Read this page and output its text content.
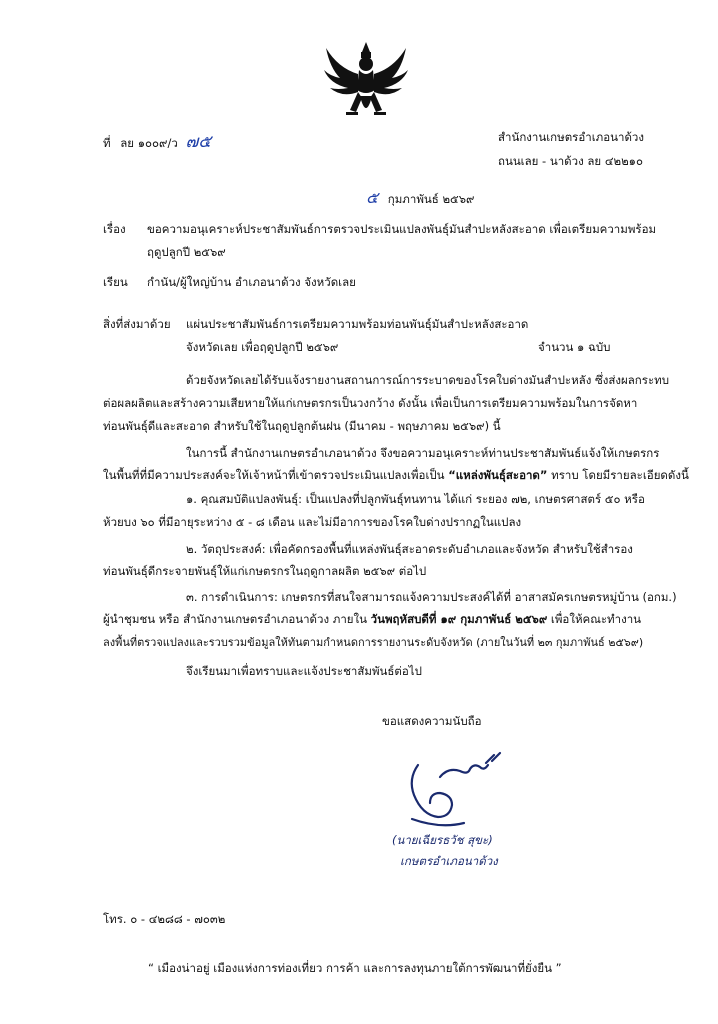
ที่ ลย ๑๐๐๙/ว ๗๕	สำนักงานเกษตรอำเภอนาด้วง
ถนนเลย - นาด้วง ลย ๔๒๒๑๐
๕ กุมภาพันธ์ ๒๕๖๙
เรื่อง ขอความอนุเคราะห์ประชาสัมพันธ์การตรวจประเมินแปลงพันธุ์มันสำปะหลังสะอาด เพื่อเตรียมความพร้อม
ฤดูปลูกปี ๒๕๖๙
เรียน กำนัน/ผู้ใหญ่บ้าน อำเภอนาด้วง จังหวัดเลย
สิ่งที่ส่งมาด้วย แผ่นประชาสัมพันธ์การเตรียมความพร้อมท่อนพันธุ์มันสำปะหลังสะอาด
จังหวัดเลย เพื่อฤดูปลูกปี ๒๕๖๙	จำนวน ๑ ฉบับ
ด้วยจังหวัดเลยได้รับแจ้งรายงานสถานการณ์การระบาดของโรคใบด่างมันสำปะหลัง ซึ่งส่งผลกระทบ
ต่อผลผลิตและสร้างความเสียหายให้แก่เกษตรกรเป็นวงกว้าง ดังนั้น เพื่อเป็นการเตรียมความพร้อมในการจัดหา
ท่อนพันธุ์ดีและสะอาด สำหรับใช้ในฤดูปลูกต้นฝน (มีนาคม - พฤษภาคม ๒๕๖๙) นี้
ในการนี้ สำนักงานเกษตรอำเภอนาด้วง จึงขอความอนุเคราะห์ท่านประชาสัมพันธ์แจ้งให้เกษตรกร
ในพื้นที่ที่มีความประสงค์จะให้เจ้าหน้าที่เข้าตรวจประเมินแปลงเพื่อเป็น “แหล่งพันธุ์สะอาด” ทราบ โดยมีรายละเอียดดังนี้
๑. คุณสมบัติแปลงพันธุ์: เป็นแปลงที่ปลูกพันธุ์ทนทาน ได้แก่ ระยอง ๗๒, เกษตรศาสตร์ ๕๐ หรือ
ห้วยบง ๖๐ ที่มีอายุระหว่าง ๕ - ๘ เดือน และไม่มีอาการของโรคใบด่างปรากฏในแปลง
๒. วัตถุประสงค์: เพื่อคัดกรองพื้นที่แหล่งพันธุ์สะอาดระดับอำเภอและจังหวัด สำหรับใช้สำรอง
ท่อนพันธุ์ดีกระจายพันธุ์ให้แก่เกษตรกรในฤดูกาลผลิต ๒๕๖๙ ต่อไป
๓. การดำเนินการ: เกษตรกรที่สนใจสามารถแจ้งความประสงค์ได้ที่ อาสาสมัครเกษตรหมู่บ้าน (อกม.)
ผู้นำชุมชน หรือ สำนักงานเกษตรอำเภอนาด้วง ภายใน วันพฤหัสบดีที่ ๑๙ กุมภาพันธ์ ๒๕๖๙ เพื่อให้คณะทำงาน
ลงพื้นที่ตรวจแปลงและรวบรวมข้อมูลให้ทันตามกำหนดการรายงานระดับจังหวัด (ภายในวันที่ ๒๓ กุมภาพันธ์ ๒๕๖๙)
จึงเรียนมาเพื่อทราบและแจ้งประชาสัมพันธ์ต่อไป
ขอแสดงความนับถือ
(นายเฉียรธวัช สุขะ)
เกษตรอำเภอนาด้วง
โทร. ๐ - ๔๒๘๘ - ๗๐๓๒
“ เมืองน่าอยู่ เมืองแห่งการท่องเที่ยว การค้า และการลงทุนภายใต้การพัฒนาที่ยั่งยืน ”
